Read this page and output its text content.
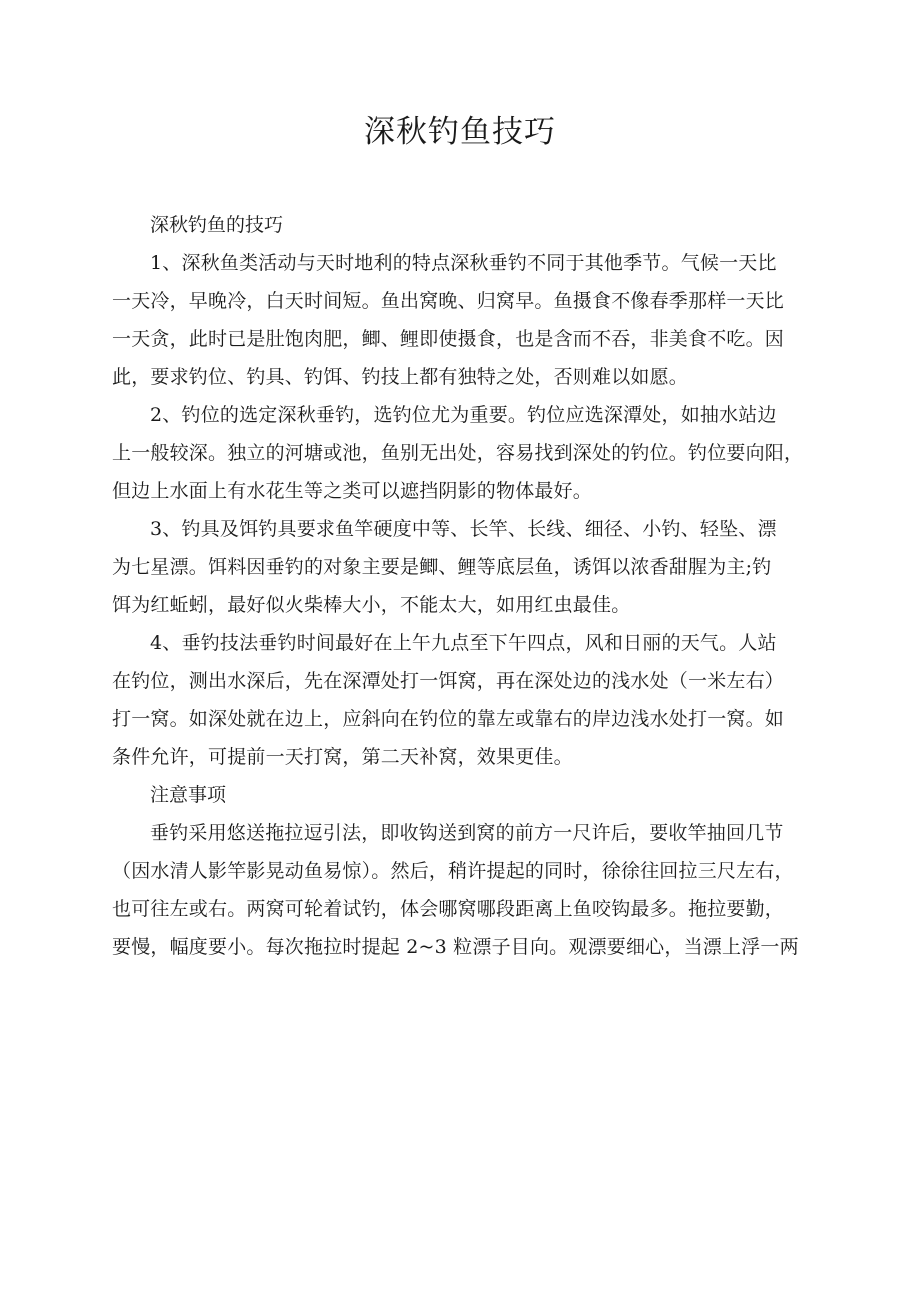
深秋钓鱼技巧

深秋钓鱼的技巧

1、深秋鱼类活动与天时地利的特点深秋垂钓不同于其他季节。气候一天比
一天冷，早晚冷，白天时间短。鱼出窝晚、归窝早。鱼摄食不像春季那样一天比
一天贪，此时已是肚饱肉肥，鲫、鲤即使摄食，也是含而不吞，非美食不吃。因
此，要求钓位、钓具、钓饵、钓技上都有独特之处，否则难以如愿。

2、钓位的选定深秋垂钓，选钓位尤为重要。钓位应选深潭处，如抽水站边
上一般较深。独立的河塘或池，鱼别无出处，容易找到深处的钓位。钓位要向阳，
但边上水面上有水花生等之类可以遮挡阴影的物体最好。

3、钓具及饵钓具要求鱼竿硬度中等、长竿、长线、细径、小钓、轻坠、漂
为七星漂。饵料因垂钓的对象主要是鲫、鲤等底层鱼，诱饵以浓香甜腥为主;钓
饵为红蚯蚓，最好似火柴棒大小，不能太大，如用红虫最佳。

4、垂钓技法垂钓时间最好在上午九点至下午四点，风和日丽的天气。人站
在钓位，测出水深后，先在深潭处打一饵窝，再在深处边的浅水处（一米左右）
打一窝。如深处就在边上，应斜向在钓位的靠左或靠右的岸边浅水处打一窝。如
条件允许，可提前一天打窝，第二天补窝，效果更佳。

注意事项

垂钓采用悠送拖拉逗引法，即收钩送到窝的前方一尺许后，要收竿抽回几节
（因水清人影竿影晃动鱼易惊）。然后，稍许提起的同时，徐徐往回拉三尺左右，
也可往左或右。两窝可轮着试钓，体会哪窝哪段距离上鱼咬钩最多。拖拉要勤，
要慢，幅度要小。每次拖拉时提起 2~3 粒漂子目向。观漂要细心，当漂上浮一两
